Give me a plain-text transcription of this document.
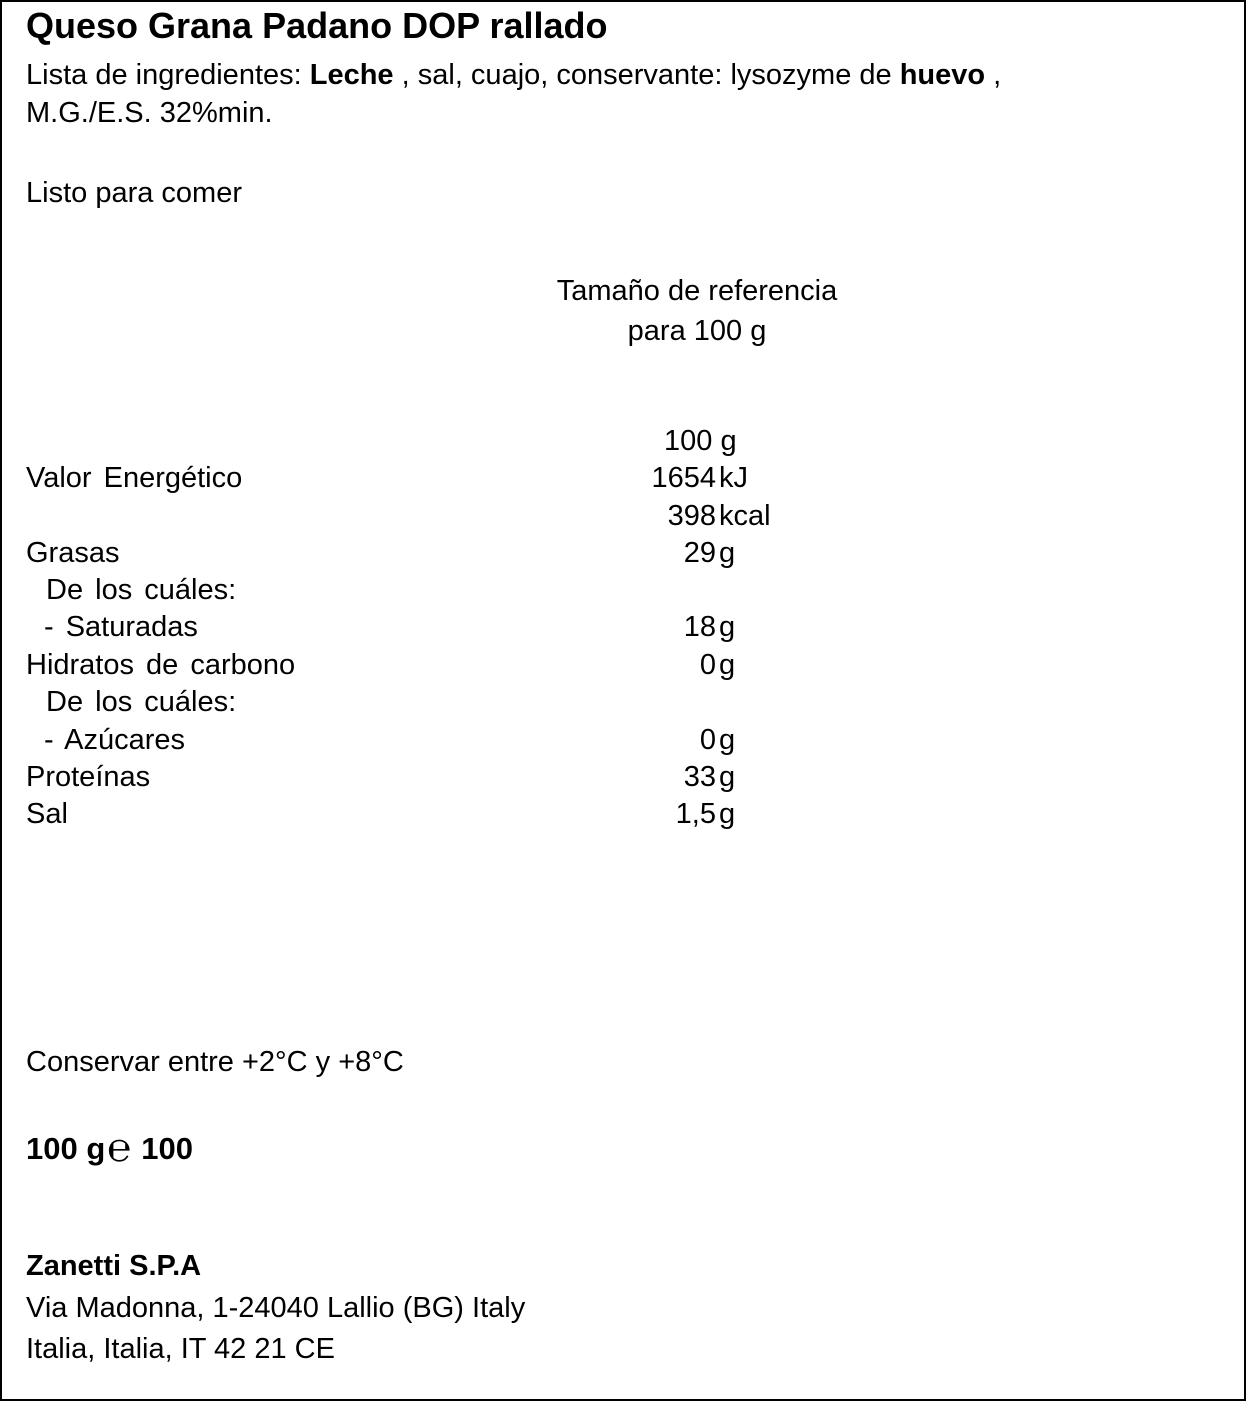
Queso Grana Padano DOP rallado
Lista de ingredientes: Leche , sal, cuajo, conservante: lysozyme de huevo ,
M.G./E.S. 32%min.
Listo para comer
Tamaño de referencia
para 100 g
100 g
Valor Energético	1654 kJ
398 kcal
Grasas	29 g
De los cuáles:
- Saturadas	18 g
Hidratos de carbono	0 g
De los cuáles:
- Azúcares	0 g
Proteínas	33 g
Sal	1,5 g
Conservar entre +2°C y +8°C
100 g℮ 100
Zanetti S.P.A
Via Madonna, 1-24040 Lallio (BG) Italy
Italia, Italia, IT 42 21 CE
